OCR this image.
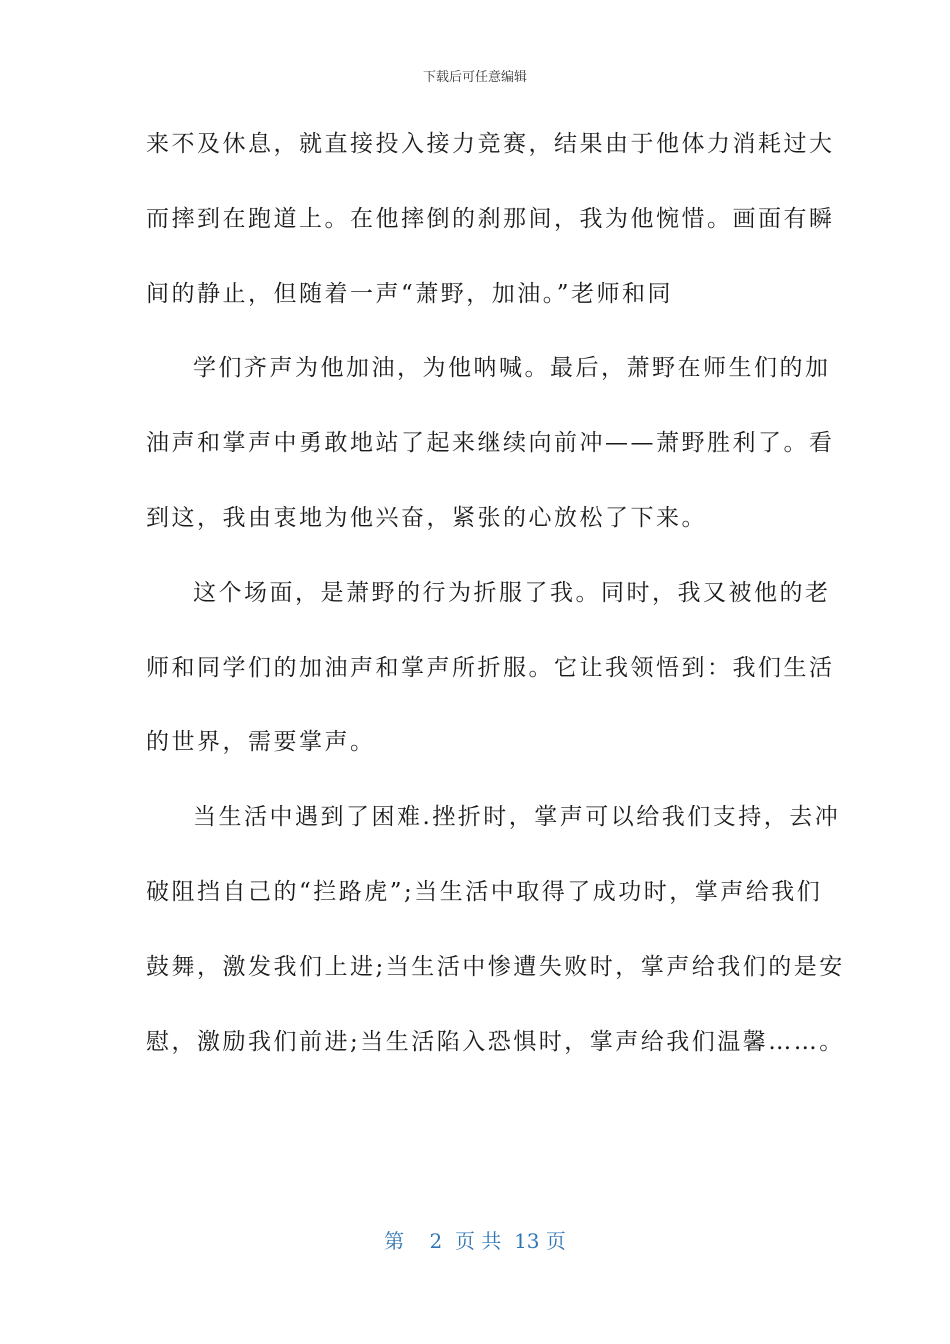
下载后可任意编辑
来不及休息，就直接投入接力竞赛，结果由于他体力消耗过大
而摔到在跑道上。在他摔倒的刹那间，我为他惋惜。画面有瞬
间的静止，但随着一声“萧野，加油。”老师和同
学们齐声为他加油，为他呐喊。最后，萧野在师生们的加
油声和掌声中勇敢地站了起来继续向前冲——萧野胜利了。看
到这，我由衷地为他兴奋，紧张的心放松了下来。
这个场面，是萧野的行为折服了我。同时，我又被他的老
师和同学们的加油声和掌声所折服。它让我领悟到：我们生活
的世界，需要掌声。
当生活中遇到了困难.挫折时，掌声可以给我们支持，去冲
破阻挡自己的“拦路虎”;当生活中取得了成功时，掌声给我们
鼓舞，激发我们上进;当生活中惨遭失败时，掌声给我们的是安
慰，激励我们前进;当生活陷入恐惧时，掌声给我们温馨……。
第 2 页 共 13 页
